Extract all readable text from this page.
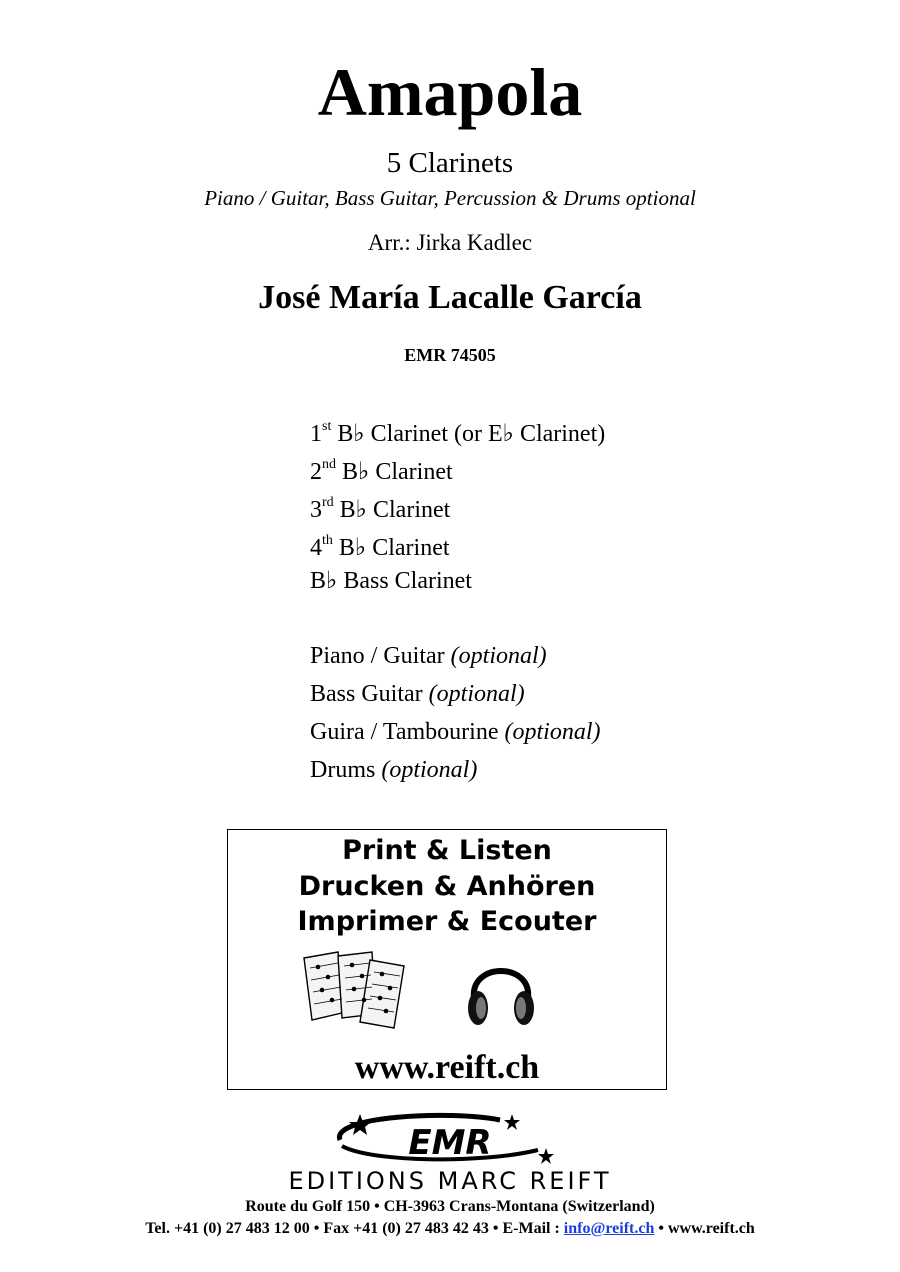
Amapola
5 Clarinets
Piano / Guitar, Bass Guitar, Percussion & Drums optional
Arr.: Jirka Kadlec
José María Lacalle García
EMR 74505
1st B♭ Clarinet (or E♭ Clarinet)
2nd B♭ Clarinet
3rd B♭ Clarinet
4th B♭ Clarinet
B♭ Bass Clarinet
Piano / Guitar (optional)
Bass Guitar (optional)
Guira / Tambourine (optional)
Drums (optional)
Print & Listen
Drucken & Anhören
Imprimer & Ecouter
www.reift.ch
EMR
EDITIONS MARC REIFT
Route du Golf 150 • CH-3963 Crans-Montana (Switzerland)
Tel. +41 (0) 27 483 12 00 • Fax +41 (0) 27 483 42 43 • E-Mail : info@reift.ch • www.reift.ch
